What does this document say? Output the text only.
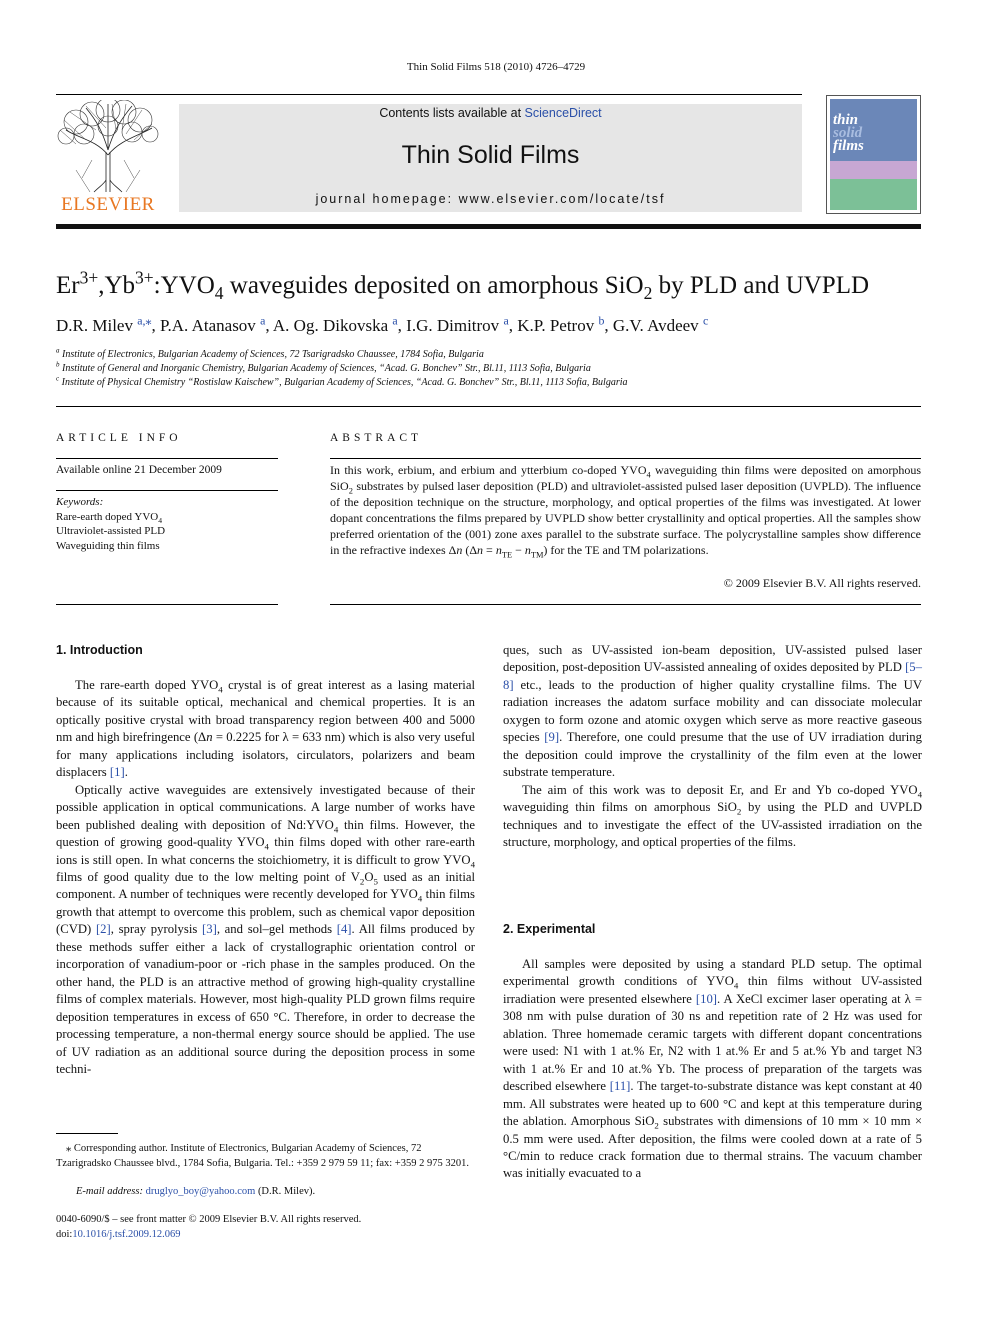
Thin Solid Films 518 (2010) 4726–4729
ELSEVIER
Contents lists available at ScienceDirect
Thin Solid Films
journal homepage: www.elsevier.com/locate/tsf
thin
solid
films
$Er^{3+},Yb^{3+}:YVO_4$ waveguides deposited on amorphous SiO$_2$ by PLD and UVPLD
D.R. Milev $^{a,⁎}$, P.A. Atanasov $^a$, A. Og. Dikovska $^a$, I.G. Dimitrov $^a$, K.P. Petrov $^b$, G.V. Avdeev $^c$
$^a$ Institute of Electronics, Bulgarian Academy of Sciences, 72 Tsarigradsko Chaussee, 1784 Sofia, Bulgaria
$^b$ Institute of General and Inorganic Chemistry, Bulgarian Academy of Sciences, “Acad. G. Bonchev” Str., Bl.11, 1113 Sofia, Bulgaria
$^c$ Institute of Physical Chemistry “Rostislaw Kaischew”, Bulgarian Academy of Sciences, “Acad. G. Bonchev” Str., Bl.11, 1113 Sofia, Bulgaria
ARTICLE INFO
Available online 21 December 2009
Keywords:
Rare-earth doped $YVO_4$
Ultraviolet-assisted PLD
Waveguiding thin films
ABSTRACT
In this work, erbium, and erbium and ytterbium co-doped $YVO_4$ waveguiding thin films were deposited on amorphous SiO$_2$ substrates by pulsed laser deposition (PLD) and ultraviolet-assisted pulsed laser deposition (UVPLD). The influence of the deposition technique on the structure, morphology, and optical properties of the films was investigated. At lower dopant concentrations the films prepared by UVPLD show better crystallinity and optical properties. All the samples show preferred orientation of the (001) zone axes parallel to the substrate surface. The polycrystalline samples show difference in the refractive indexes Δn $(\Delta n = n_{TE} - n_{TM})$ for the TE and TM polarizations.
© 2009 Elsevier B.V. All rights reserved.
1. Introduction

The rare-earth doped $YVO_4$ crystal is of great interest as a lasing material because of its suitable optical, mechanical and chemical properties. It is an optically positive crystal with broad transparency region between 400 and 5000 nm and high birefringence (Δn = 0.2225 for λ = 633 nm) which is also very useful for many applications including isolators, circulators, polarizers and beam displacers [1].

Optically active waveguides are extensively investigated because of their possible application in optical communications. A large number of works have been published dealing with deposition of $Nd:YVO_4$ thin films. However, the question of growing good-quality $YVO_4$ thin films doped with other rare-earth ions is still open. In what concerns the stoichiometry, it is difficult to grow $YVO_4$ films of good quality due to the low melting point of $V_2O_5$ used as an initial component. A number of techniques were recently developed for $YVO_4$ thin films growth that attempt to overcome this problem, such as chemical vapor deposition (CVD) [2], spray pyrolysis [3], and sol–gel methods [4]. All films produced by these methods suffer either a lack of crystallographic orientation control or incorporation of vanadium-poor or -rich phase in the samples produced. On the other hand, the PLD is an attractive method of growing high-quality crystalline films of complex materials. However, most high-quality PLD grown films require deposition temperatures in excess of 650 °C. Therefore, in order to decrease the processing temperature, a non-thermal energy source should be applied. The use of UV radiation as an additional source during the deposition process in some techni-

ques, such as UV-assisted ion-beam deposition, UV-assisted pulsed laser deposition, post-deposition UV-assisted annealing of oxides deposited by PLD [5–8] etc., leads to the production of higher quality crystalline films. The UV radiation increases the adatom surface mobility and can dissociate molecular oxygen to form ozone and atomic oxygen which serve as more reactive gaseous species [9]. Therefore, one could presume that the use of UV irradiation during the deposition could improve the crystallinity of the film even at the lower substrate temperature.

The aim of this work was to deposit Er, and Er and Yb co-doped $YVO_4$ waveguiding thin films on amorphous SiO$_2$ by using the PLD and UVPLD techniques and to investigate the effect of the UV-assisted irradiation on the structure, morphology, and optical properties of the films.

2. Experimental

All samples were deposited by using a standard PLD setup. The optimal experimental growth conditions of $YVO_4$ thin films without UV-assisted irradiation were presented elsewhere [10]. A XeCl excimer laser operating at λ = 308 nm with pulse duration of 30 ns and repetition rate of 2 Hz was used for ablation. Three homemade ceramic targets with different dopant concentrations were used: N1 with 1 at.% Er, N2 with 1 at.% Er and 5 at.% Yb and target N3 with 1 at.% Er and 10 at.% Yb. The process of preparation of the targets was described elsewhere [11]. The target-to-substrate distance was kept constant at 40 mm. All substrates were heated up to 600 °C and kept at this temperature during the ablation. Amorphous SiO$_2$ substrates with dimensions of 10 mm × 10 mm × 0.5 mm were used. After deposition, the films were cooled down at a rate of 5 °C/min to reduce crack formation due to thermal strains. The vacuum chamber was initially evacuated to a

⁎ Corresponding author. Institute of Electronics, Bulgarian Academy of Sciences, 72 Tzarigradsko Chaussee blvd., 1784 Sofia, Bulgaria. Tel.: +359 2 979 59 11; fax: +359 2 975 3201.
E-mail address: druglyo_boy@yahoo.com (D.R. Milev).
0040-6090/$ – see front matter © 2009 Elsevier B.V. All rights reserved.
doi:10.1016/j.tsf.2009.12.069
